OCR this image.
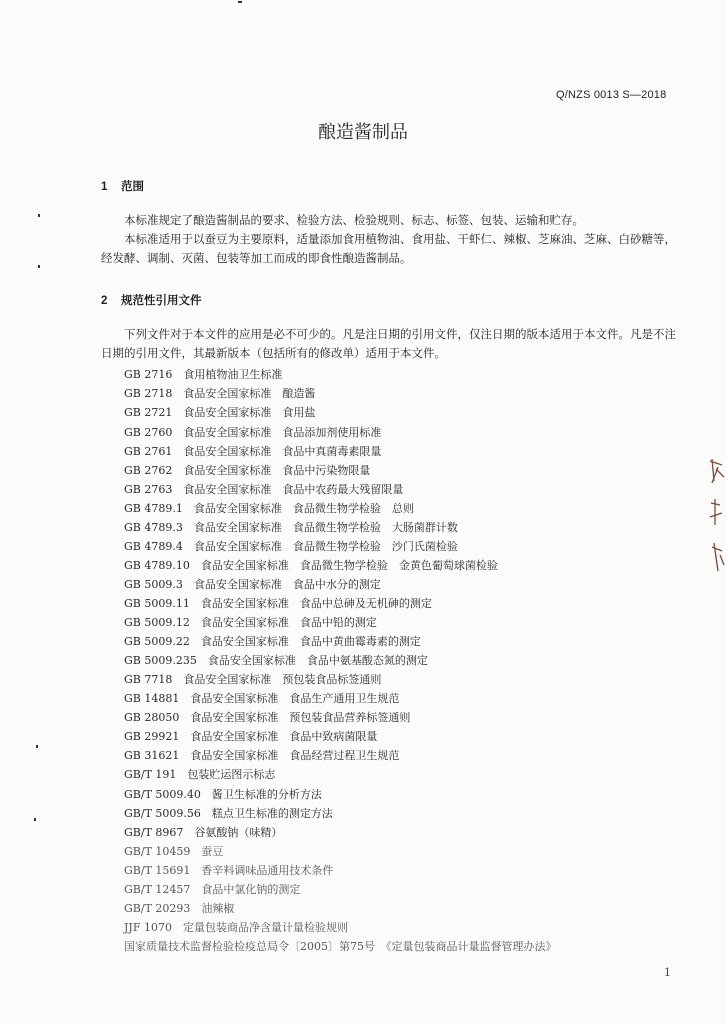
Q/NZS 0013 S—2018
酿造酱制品
1 范围
本标准规定了酿造酱制品的要求、检验方法、检验规则、标志、标签、包装、运输和贮存。
本标准适用于以蚕豆为主要原料，适量添加食用植物油、食用盐、干虾仁、辣椒、芝麻油、芝麻、白砂糖等，经发酵、调制、灭菌、包装等加工而成的即食性酿造酱制品。
2 规范性引用文件
下列文件对于本文件的应用是必不可少的。凡是注日期的引用文件，仅注日期的版本适用于本文件。凡是不注日期的引用文件，其最新版本（包括所有的修改单）适用于本文件。
GB 2716　食用植物油卫生标准
GB 2718　食品安全国家标准　酿造酱
GB 2721　食品安全国家标准　食用盐
GB 2760　食品安全国家标准　食品添加剂使用标准
GB 2761　食品安全国家标准　食品中真菌毒素限量
GB 2762　食品安全国家标准　食品中污染物限量
GB 2763　食品安全国家标准　食品中农药最大残留限量
GB 4789.1　食品安全国家标准　食品微生物学检验　总则
GB 4789.3　食品安全国家标准　食品微生物学检验　大肠菌群计数
GB 4789.4　食品安全国家标准　食品微生物学检验　沙门氏菌检验
GB 4789.10　食品安全国家标准　食品微生物学检验　金黄色葡萄球菌检验
GB 5009.3　食品安全国家标准　食品中水分的测定
GB 5009.11　食品安全国家标准　食品中总砷及无机砷的测定
GB 5009.12　食品安全国家标准　食品中铅的测定
GB 5009.22　食品安全国家标准　食品中黄曲霉毒素的测定
GB 5009.235　食品安全国家标准　食品中氨基酸态氮的测定
GB 7718　食品安全国家标准　预包装食品标签通则
GB 14881　食品安全国家标准　食品生产通用卫生规范
GB 28050　食品安全国家标准　预包装食品营养标签通则
GB 29921　食品安全国家标准　食品中致病菌限量
GB 31621　食品安全国家标准　食品经营过程卫生规范
GB/T 191　包装贮运图示标志
GB/T 5009.40　酱卫生标准的分析方法
GB/T 5009.56　糕点卫生标准的测定方法
GB/T 8967　谷氨酸钠（味精）
GB/T 10459　蚕豆
GB/T 15691　香辛料调味品通用技术条件
GB/T 12457　食品中氯化钠的测定
GB/T 20293　油辣椒
JJF 1070　定量包装商品净含量计量检验规则
国家质量技术监督检验检疫总局令〔2005〕第75号　《定量包装商品计量监督管理办法》
1
